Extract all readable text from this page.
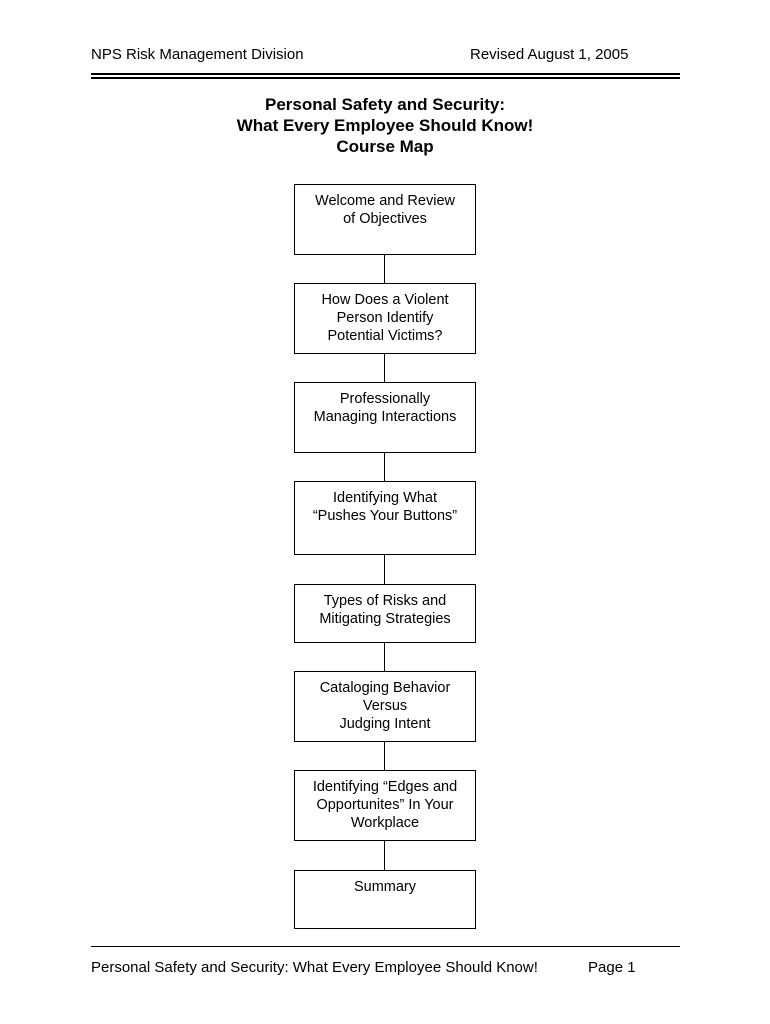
NPS Risk Management Division	Revised August 1, 2005
Personal Safety and Security:
What Every Employee Should Know!
Course Map
Welcome and Review
of Objectives
How Does a Violent
Person Identify
Potential Victims?
Professionally
Managing Interactions
Identifying What
“Pushes Your Buttons”
Types of Risks and
Mitigating Strategies
Cataloging Behavior
Versus
Judging Intent
Identifying “Edges and
Opportunites” In Your
Workplace
Summary
Personal Safety and Security: What Every Employee Should Know!	Page 1
